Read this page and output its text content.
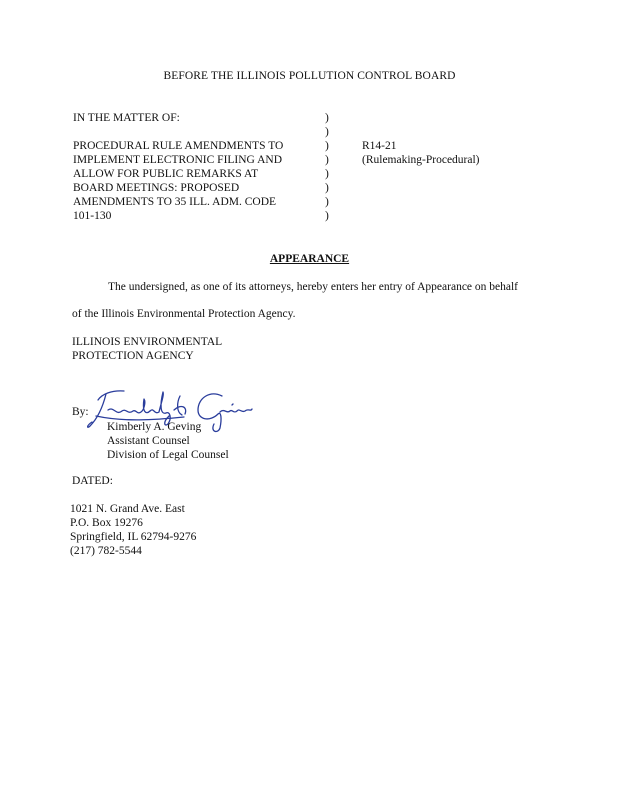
BEFORE THE ILLINOIS POLLUTION CONTROL BOARD
IN THE MATTER OF:
PROCEDURAL RULE AMENDMENTS TO
IMPLEMENT ELECTRONIC FILING AND
ALLOW FOR PUBLIC REMARKS AT
BOARD MEETINGS: PROPOSED
AMENDMENTS TO 35 ILL. ADM. CODE
101-130
)
)
)
)
)
)
)
)
R14-21
(Rulemaking-Procedural)
APPEARANCE
The undersigned, as one of its attorneys, hereby enters her entry of Appearance on behalf
of the Illinois Environmental Protection Agency.
ILLINOIS ENVIRONMENTAL
PROTECTION AGENCY
By:
Kimberly A. Geving
Assistant Counsel
Division of Legal Counsel
DATED:
1021 N. Grand Ave. East
P.O. Box 19276
Springfield, IL 62794-9276
(217) 782-5544
